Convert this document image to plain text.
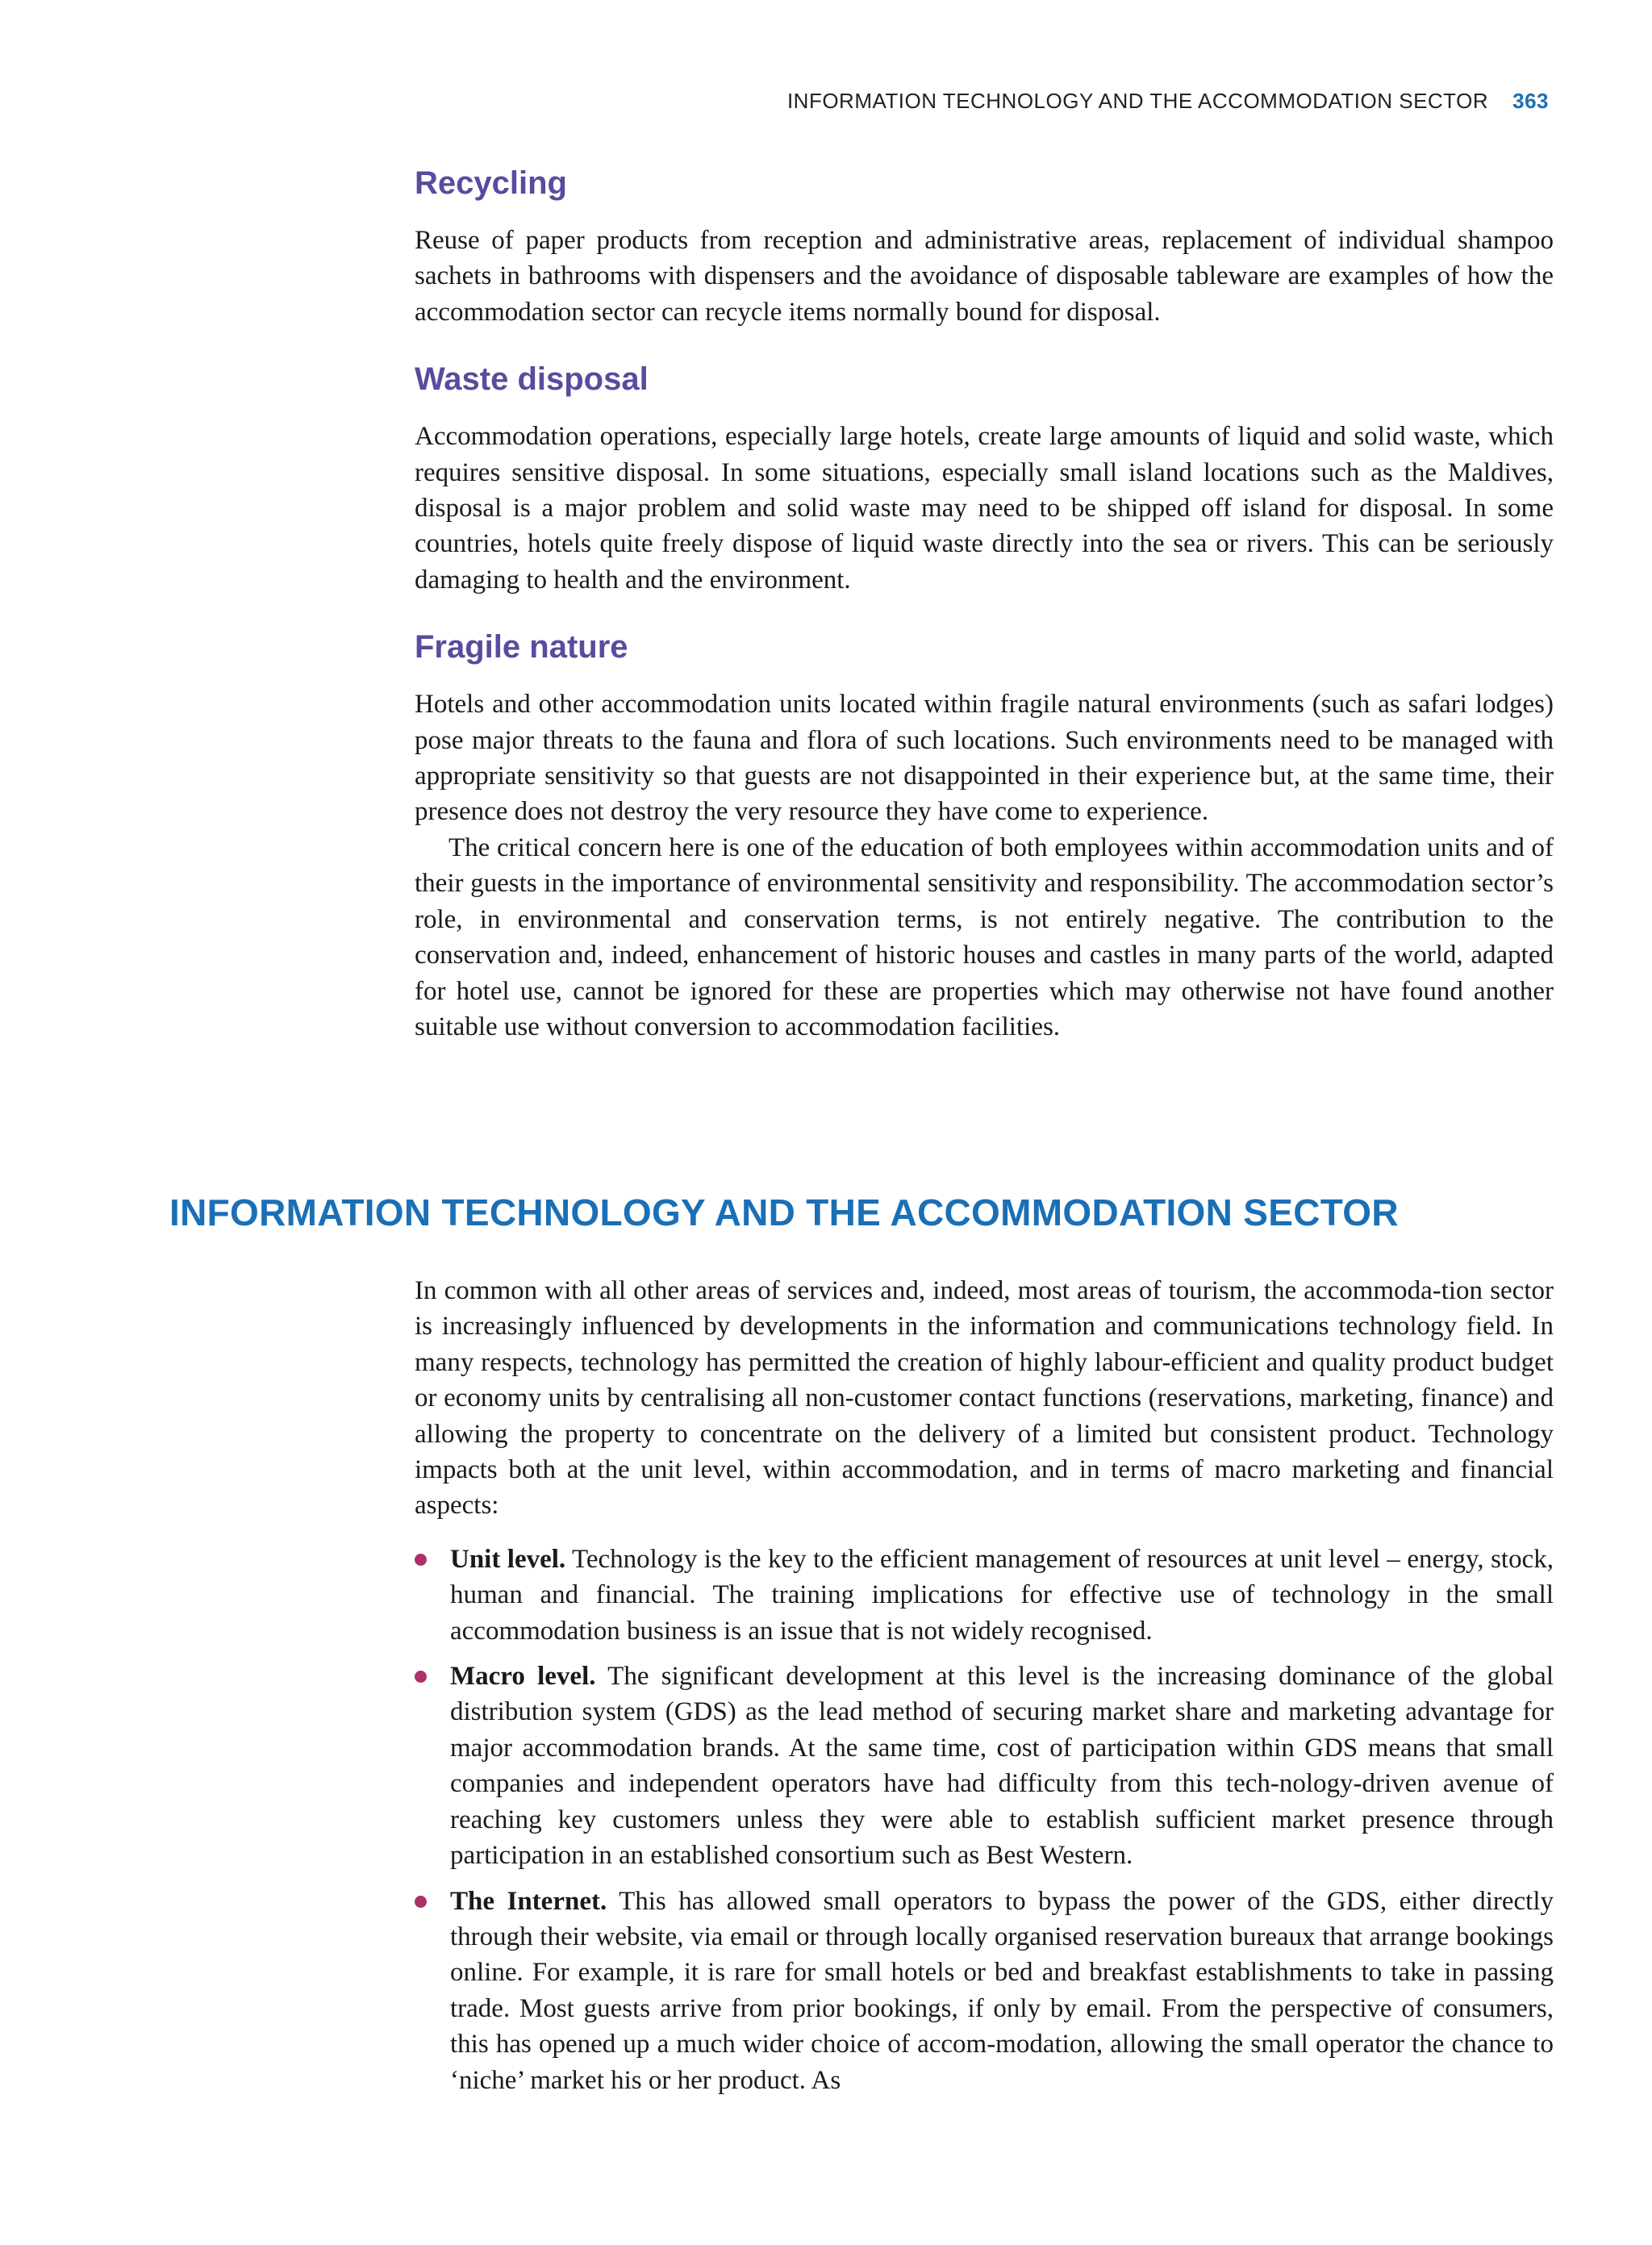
INFORMATION TECHNOLOGY AND THE ACCOMMODATION SECTOR 363
Recycling

Reuse of paper products from reception and administrative areas, replacement of individual shampoo sachets in bathrooms with dispensers and the avoidance of disposable tableware are examples of how the accommodation sector can recycle items normally bound for disposal.

Waste disposal

Accommodation operations, especially large hotels, create large amounts of liquid and solid waste, which requires sensitive disposal. In some situations, especially small island locations such as the Maldives, disposal is a major problem and solid waste may need to be shipped off island for disposal. In some countries, hotels quite freely dispose of liquid waste directly into the sea or rivers. This can be seriously damaging to health and the environment.

Fragile nature

Hotels and other accommodation units located within fragile natural environments (such as safari lodges) pose major threats to the fauna and flora of such locations. Such environments need to be managed with appropriate sensitivity so that guests are not disappointed in their experience but, at the same time, their presence does not destroy the very resource they have come to experience.

The critical concern here is one of the education of both employees within accommodation units and of their guests in the importance of environmental sensitivity and responsibility. The accommodation sector’s role, in environmental and conservation terms, is not entirely negative. The contribution to the conservation and, indeed, enhancement of historic houses and castles in many parts of the world, adapted for hotel use, cannot be ignored for these are properties which may otherwise not have found another suitable use without conversion to accommodation facilities.

INFORMATION TECHNOLOGY AND THE ACCOMMODATION SECTOR

In common with all other areas of services and, indeed, most areas of tourism, the accommoda-tion sector is increasingly influenced by developments in the information and communications technology field. In many respects, technology has permitted the creation of highly labour-efficient and quality product budget or economy units by centralising all non-customer contact functions (reservations, marketing, finance) and allowing the property to concentrate on the delivery of a limited but consistent product. Technology impacts both at the unit level, within accommodation, and in terms of macro marketing and financial aspects:

Unit level. Technology is the key to the efficient management of resources at unit level – energy, stock, human and financial. The training implications for effective use of technology in the small accommodation business is an issue that is not widely recognised.
Macro level. The significant development at this level is the increasing dominance of the global distribution system (GDS) as the lead method of securing market share and marketing advantage for major accommodation brands. At the same time, cost of participation within GDS means that small companies and independent operators have had difficulty from this tech-nology-driven avenue of reaching key customers unless they were able to establish sufficient market presence through participation in an established consortium such as Best Western.
The Internet. This has allowed small operators to bypass the power of the GDS, either directly through their website, via email or through locally organised reservation bureaux that arrange bookings online. For example, it is rare for small hotels or bed and breakfast establishments to take in passing trade. Most guests arrive from prior bookings, if only by email. From the perspective of consumers, this has opened up a much wider choice of accom-modation, allowing the small operator the chance to ‘niche’ market his or her product. As
